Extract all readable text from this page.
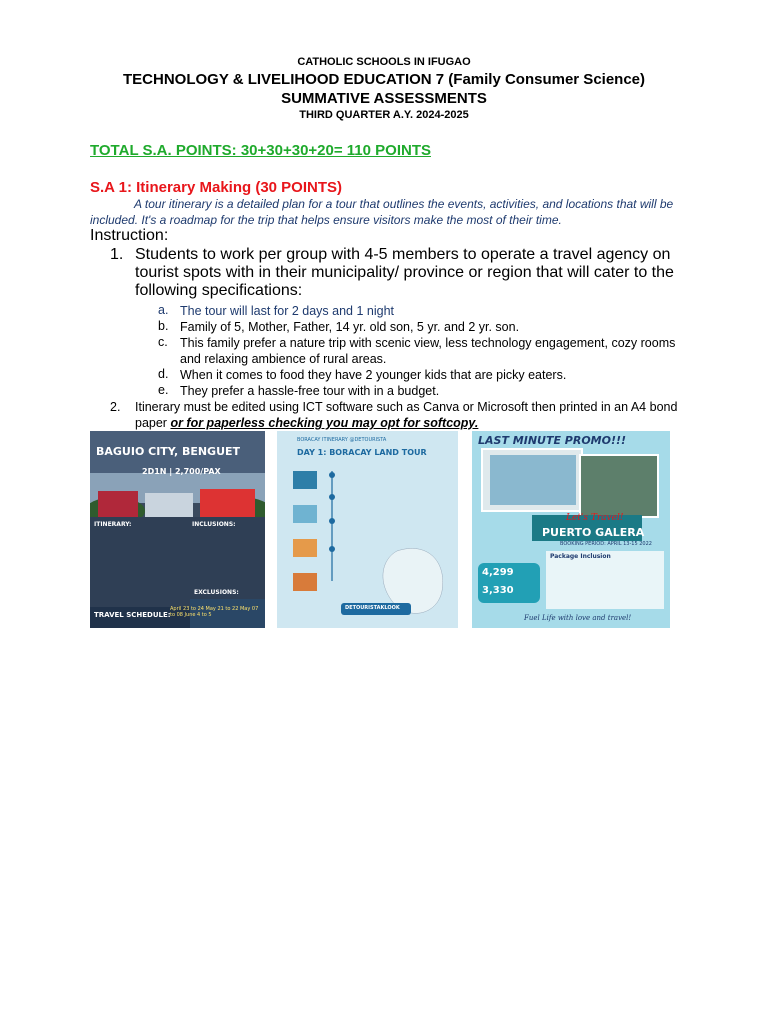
CATHOLIC SCHOOLS IN IFUGAO
TECHNOLOGY & LIVELIHOOD EDUCATION 7 (Family Consumer Science)
SUMMATIVE ASSESSMENTS
THIRD QUARTER A.Y. 2024-2025
TOTAL S.A. POINTS: 30+30+30+20= 110 POINTS
S.A 1: Itinerary Making (30 POINTS)
A tour itinerary is a detailed plan for a tour that outlines the events, activities, and locations that will be included. It's a roadmap for the trip that helps ensure visitors make the most of their time.
Instruction:
1. Students to work per group with 4-5 members to operate a travel agency on tourist spots with in their municipality/ province or region that will cater to the following specifications:
a. The tour will last for 2 days and 1 night
b. Family of 5, Mother, Father, 14 yr. old son, 5 yr. and 2 yr. son.
c. This family prefer a nature trip with scenic view, less technology engagement, cozy rooms and relaxing ambience of rural areas.
d. When it comes to food they have 2 younger kids that are picky eaters.
e. They prefer a hassle-free tour with in a budget.
2. Itinerary must be edited using ICT software such as Canva or Microsoft then printed in an A4 bond paper or for paperless checking you may opt for softcopy.
BAGUIO CITY, BENGUET
2D1N | 2,700/PAX
ITINERARY:	INCLUSIONS:
EXCLUSIONS:
TRAVEL SCHEDULE:
April 23 to 24 May 21 to 22 May 07 to 08 June 4 to 5
BORACAY ITINERARY @DETOURISTA
DAY 1: BORACAY LAND TOUR
DETOURISTAKLOOK
LAST MINUTE PROMO!!!
Let's Travel!
PUERTO GALERA
BOOKING PERIOD: APRIL 13-15 2022
Package Inclusion
4,299
3,330
Fuel Life with love and travel!
